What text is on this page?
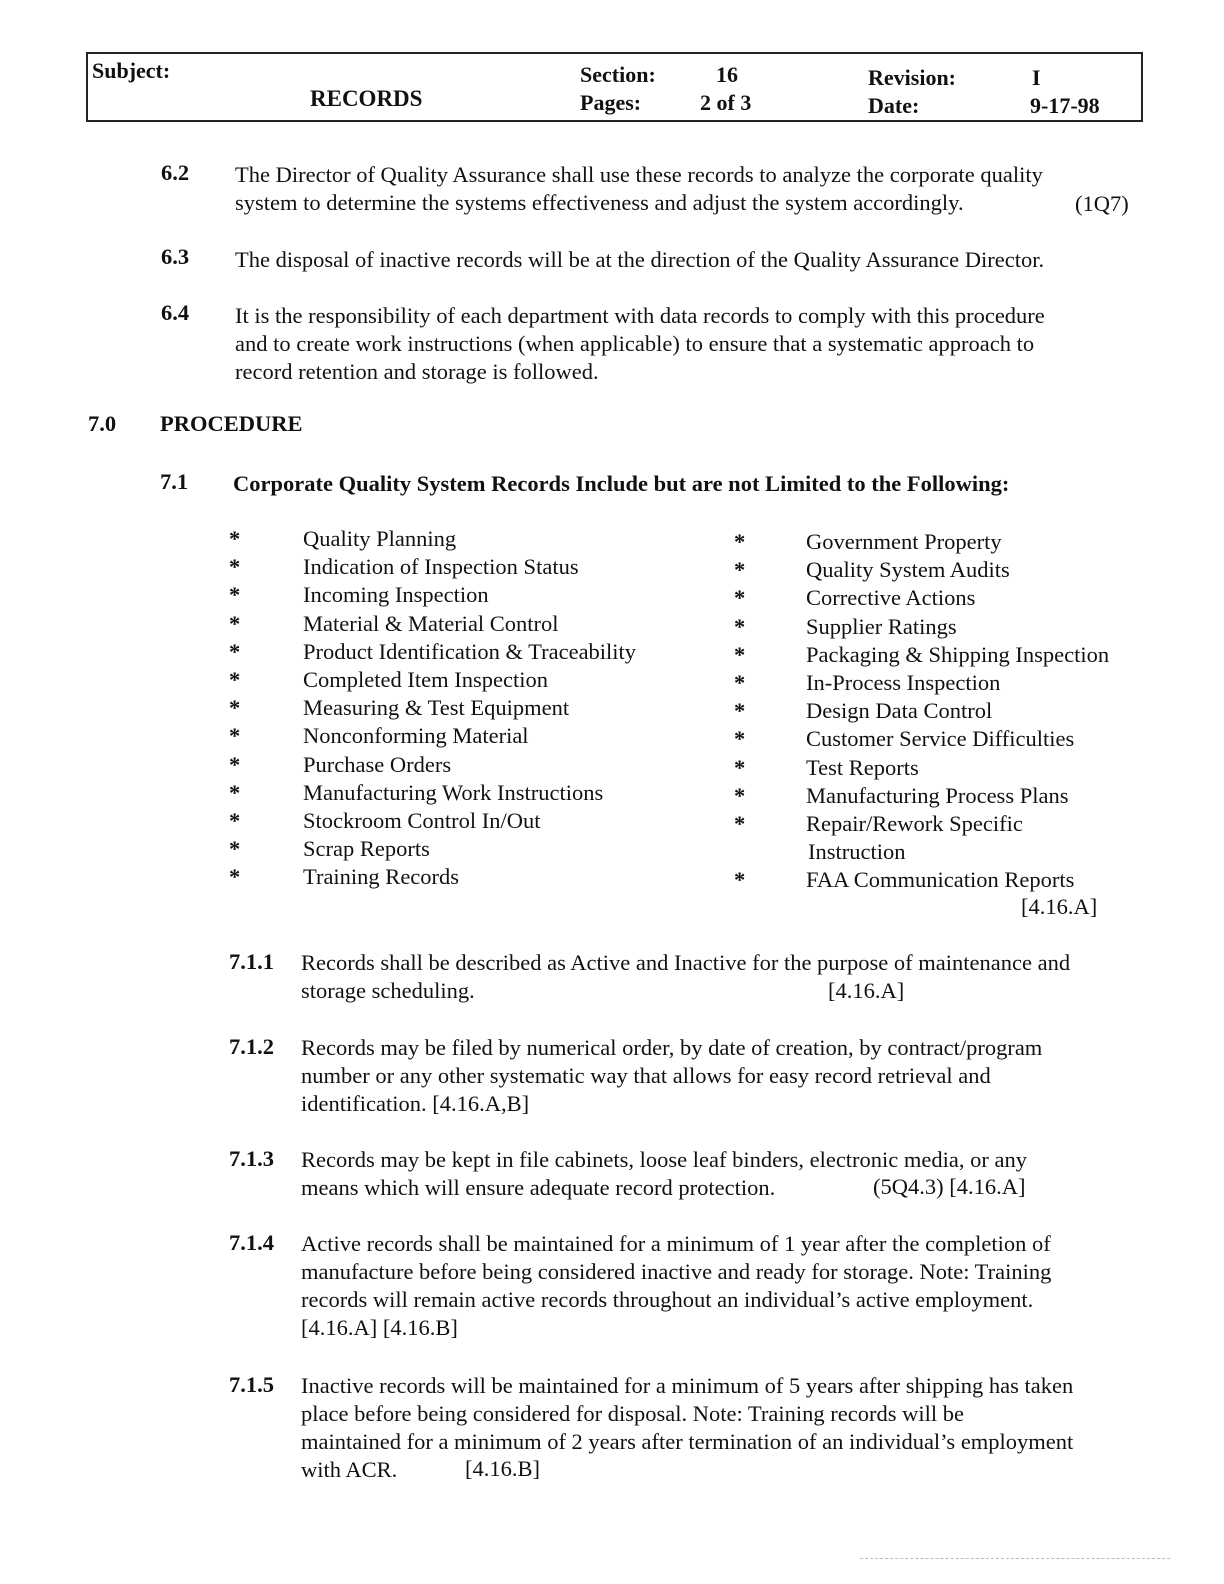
Subject:
RECORDS
Section:	16
Pages:	2 of 3
Revision:	I
Date:	9-17-98
6.2 The Director of Quality Assurance shall use these records to analyze the corporate quality
system to determine the systems effectiveness and adjust the system accordingly.	(1Q7)
6.3 The disposal of inactive records will be at the direction of the Quality Assurance Director.
6.4 It is the responsibility of each department with data records to comply with this procedure
and to create work instructions (when applicable) to ensure that a systematic approach to
record retention and storage is followed.
7.0 PROCEDURE
7.1 Corporate Quality System Records Include but are not Limited to the Following:
*	Quality Planning
*	Indication of Inspection Status
*	Incoming Inspection
*	Material & Material Control
*	Product Identification & Traceability
*	Completed Item Inspection
*	Measuring & Test Equipment
*	Nonconforming Material
*	Purchase Orders
*	Manufacturing Work Instructions
*	Stockroom Control In/Out
*	Scrap Reports
*	Training Records
*	Government Property
*	Quality System Audits
*	Corrective Actions
*	Supplier Ratings
*	Packaging & Shipping Inspection
*	In-Process Inspection
*	Design Data Control
*	Customer Service Difficulties
*	Test Reports
*	Manufacturing Process Plans
*	Repair/Rework Specific
Instruction
*	FAA Communication Reports
[4.16.A]
7.1.1 Records shall be described as Active and Inactive for the purpose of maintenance and
storage scheduling.	[4.16.A]
7.1.2 Records may be filed by numerical order, by date of creation, by contract/program
number or any other systematic way that allows for easy record retrieval and
identification. [4.16.A,B]
7.1.3 Records may be kept in file cabinets, loose leaf binders, electronic media, or any
means which will ensure adequate record protection.	(5Q4.3) [4.16.A]
7.1.4 Active records shall be maintained for a minimum of 1 year after the completion of
manufacture before being considered inactive and ready for storage. Note: Training
records will remain active records throughout an individual’s active employment.
[4.16.A] [4.16.B]
7.1.5 Inactive records will be maintained for a minimum of 5 years after shipping has taken
place before being considered for disposal. Note: Training records will be
maintained for a minimum of 2 years after termination of an individual’s employment
with ACR.	[4.16.B]
